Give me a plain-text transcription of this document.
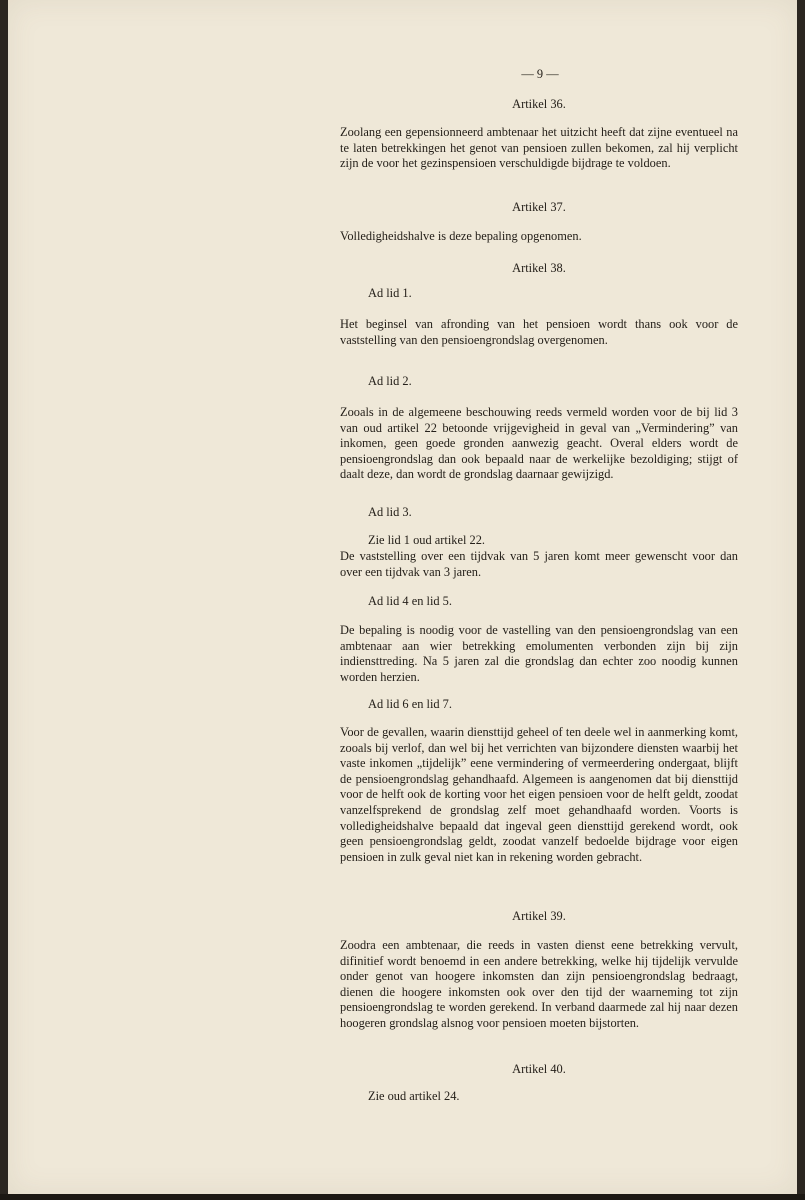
— 9 —
Artikel 36.
Zoolang een gepensionneerd ambtenaar het uitzicht heeft dat zijne eventueel na te laten betrekkingen het genot van pensioen zullen bekomen, zal hij verplicht zijn de voor het gezinspensioen verschuldigde bijdrage te voldoen.
Artikel 37.
Volledigheidshalve is deze bepaling opgenomen.
Artikel 38.
Ad lid 1.
Het beginsel van afronding van het pensioen wordt thans ook voor de vaststelling van den pensioengrondslag overgenomen.
Ad lid 2.
Zooals in de algemeene beschouwing reeds vermeld worden voor de bij lid 3 van oud artikel 22 betoonde vrijgevigheid in geval van „Vermindering” van inkomen, geen goede gronden aanwezig geacht. Overal elders wordt de pensioengrondslag dan ook bepaald naar de werkelijke bezoldiging; stijgt of daalt deze, dan wordt de grondslag daarnaar gewijzigd.
Ad lid 3.
Zie lid 1 oud artikel 22.
De vaststelling over een tijdvak van 5 jaren komt meer gewenscht voor dan over een tijdvak van 3 jaren.
Ad lid 4 en lid 5.
De bepaling is noodig voor de vastelling van den pensioengrondslag van een ambtenaar aan wier betrekking emolumenten verbonden zijn bij zijn indiensttreding. Na 5 jaren zal die grondslag dan echter zoo noodig kunnen worden herzien.
Ad lid 6 en lid 7.
Voor de gevallen, waarin diensttijd geheel of ten deele wel in aanmerking komt, zooals bij verlof, dan wel bij het verrichten van bijzondere diensten waarbij het vaste inkomen „tijdelijk” eene vermindering of vermeerdering ondergaat, blijft de pensioengrondslag gehandhaafd. Algemeen is aangenomen dat bij diensttijd voor de helft ook de korting voor het eigen pensioen voor de helft geldt, zoodat vanzelfsprekend de grondslag zelf moet gehandhaafd worden. Voorts is volledigheidshalve bepaald dat ingeval geen diensttijd gerekend wordt, ook geen pensioengrondslag geldt, zoodat vanzelf bedoelde bijdrage voor eigen pensioen in zulk geval niet kan in rekening worden gebracht.
Artikel 39.
Zoodra een ambtenaar, die reeds in vasten dienst eene betrekking vervult, difinitief wordt benoemd in een andere betrekking, welke hij tijdelijk vervulde onder genot van hoogere inkomsten dan zijn pensioengrondslag bedraagt, dienen die hoogere inkomsten ook over den tijd der waarneming tot zijn pensioengrondslag te worden gerekend. In verband daarmede zal hij naar dezen hoogeren grondslag alsnog voor pensioen moeten bijstorten.
Artikel 40.
Zie oud artikel 24.
